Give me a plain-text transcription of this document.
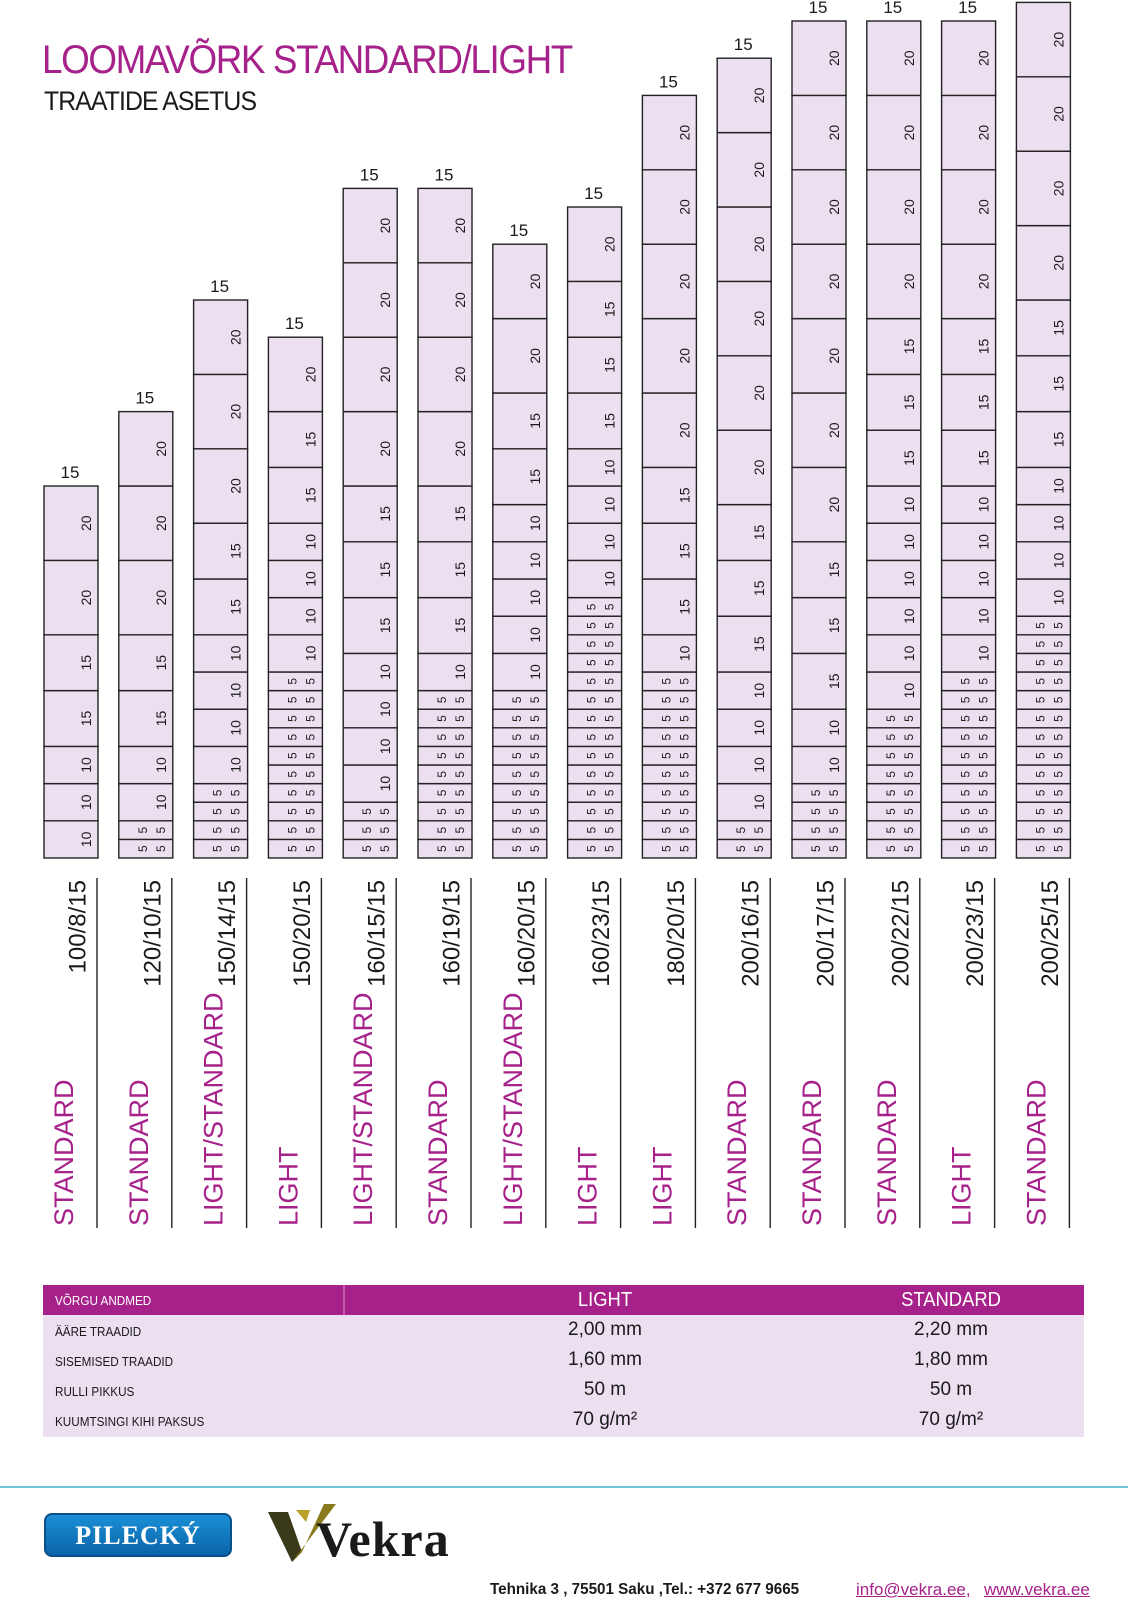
LOOMAVÕRK STANDARD/LIGHT
TRAATIDE ASETUS
10
10
10
15
15
20
20
15
100/8/15
STANDARD
5
5
5
5
10
10
15
15
20
20
20
15
120/10/15
STANDARD
5
5
5
5
5
5
5
5
10
10
10
10
15
15
20
20
20
15
150/14/15
LIGHT/STANDARD
5
5
5
5
5
5
5
5
5
5
5
5
5
5
5
5
5
5
5
5
10
10
10
10
15
15
20
15
150/20/15
LIGHT
5
5
5
5
5
5
10
10
10
10
15
15
15
20
20
20
20
15
160/15/15
LIGHT/STANDARD
5
5
5
5
5
5
5
5
5
5
5
5
5
5
5
5
5
5
10
15
15
15
20
20
20
20
15
160/19/15
STANDARD
5
5
5
5
5
5
5
5
5
5
5
5
5
5
5
5
5
5
10
10
10
10
10
15
15
20
20
15
160/20/15
LIGHT/STANDARD
5
5
5
5
5
5
5
5
5
5
5
5
5
5
5
5
5
5
5
5
5
5
5
5
5
5
5
5
10
10
10
10
15
15
15
20
15
160/23/15
LIGHT
5
5
5
5
5
5
5
5
5
5
5
5
5
5
5
5
5
5
5
5
10
15
15
15
20
20
20
20
20
15
180/20/15
LIGHT
5
5
5
5
10
10
10
10
15
15
15
20
20
20
20
20
20
15
200/16/15
STANDARD
5
5
5
5
5
5
5
5
10
10
15
15
15
20
20
20
20
20
20
20
15
200/17/15
STANDARD
5
5
5
5
5
5
5
5
5
5
5
5
5
5
5
5
10
10
10
10
10
10
15
15
15
20
20
20
20
15
200/22/15
STANDARD
5
5
5
5
5
5
5
5
5
5
5
5
5
5
5
5
5
5
5
5
10
10
10
10
10
15
15
15
20
20
20
20
15
200/23/15
LIGHT
5
5
5
5
5
5
5
5
5
5
5
5
5
5
5
5
5
5
5
5
5
5
5
5
5
5
10
10
10
10
15
15
15
20
20
20
20
200/25/15
STANDARD
VÕRGU ANDMED	LIGHT	STANDARD
ÄÄRE TRAADID	2,00 mm	2,20 mm
SISEMISED TRAADID	1,60 mm	1,80 mm
RULLI PIKKUS	50 m	50 m
KUUMTSINGI KIHI PAKSUS	70 g/m²	70 g/m²
PILECKÝ	Vekra
Tehnika 3 , 75501 Saku ,Tel.: +372 677 9665	info@vekra.ee, www.vekra.ee
